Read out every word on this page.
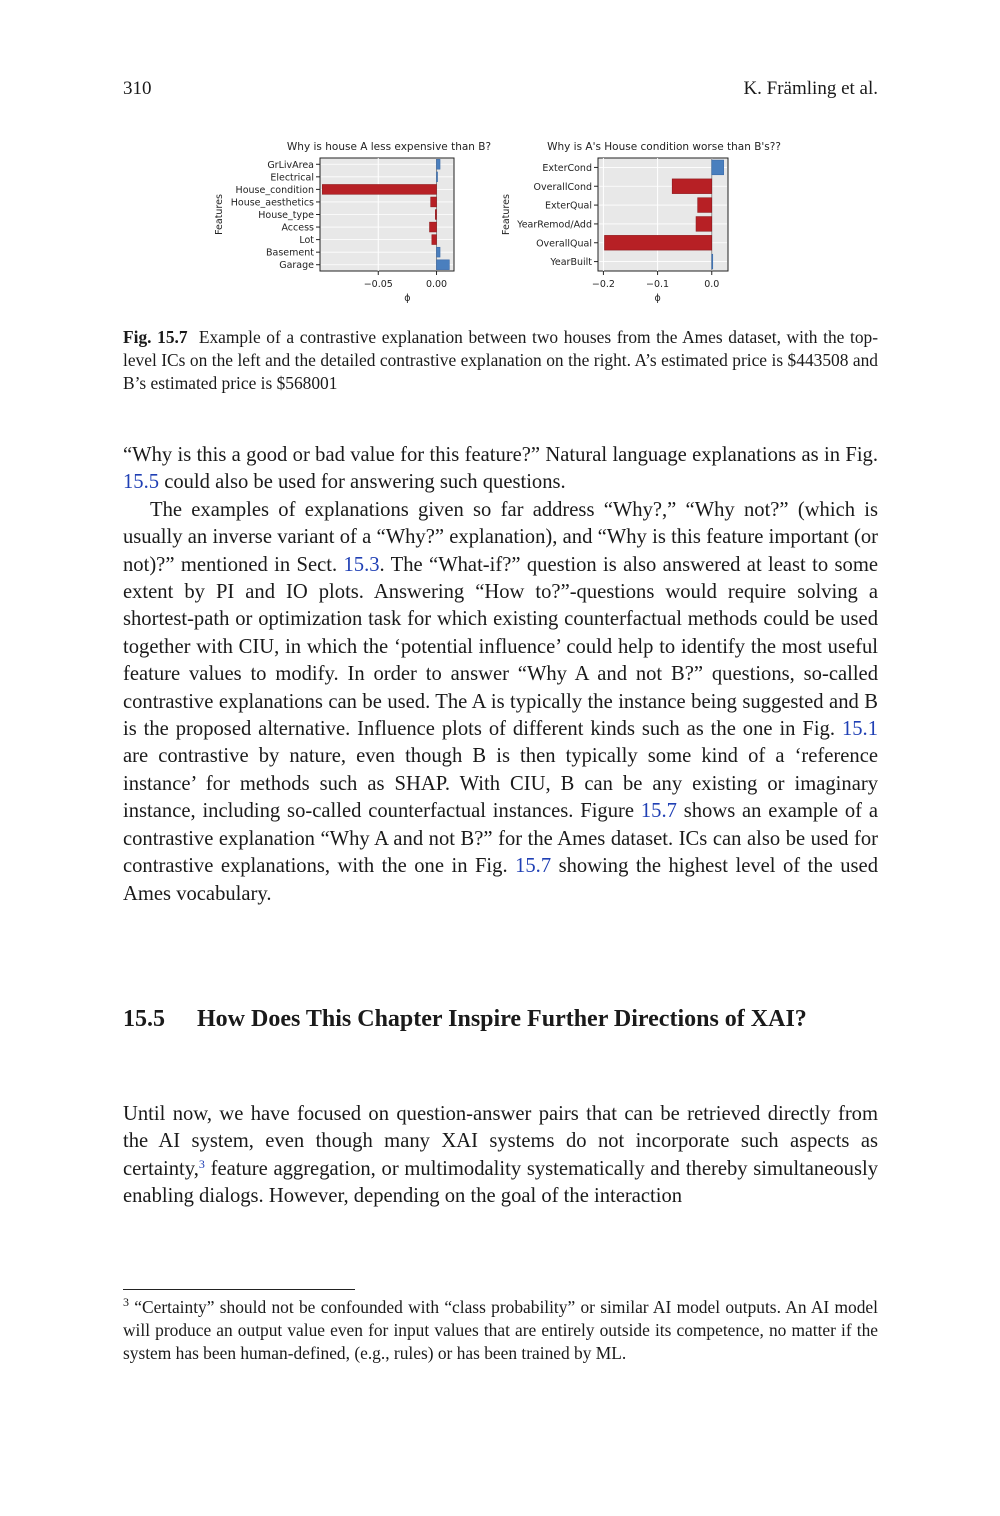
310	K. Främling et al.
GrLivArea
Electrical
House_condition
House_aesthetics
House_type
Access
Lot
Basement
Garage
−0.05	0.00
Why is house A less expensive than B?
ϕ
Features
ExterCond
OverallCond
ExterQual
YearRemod/Add
OverallQual
YearBuilt
−0.2	−0.1	0.0
Why is A's House condition worse than B's??
ϕ
Features
Fig. 15.7 Example of a contrastive explanation between two houses from the Ames dataset, with the top-level ICs on the left and the detailed contrastive explanation on the right. A’s estimated price is $443508 and B’s estimated price is $568001

“Why is this a good or bad value for this feature?” Natural language explanations as in Fig. 15.5 could also be used for answering such questions.

The examples of explanations given so far address “Why?,” “Why not?” (which is usually an inverse variant of a “Why?” explanation), and “Why is this feature important (or not)?” mentioned in Sect. 15.3. The “What-if?” question is also answered at least to some extent by PI and IO plots. Answering “How to?”-questions would require solving a shortest-path or optimization task for which existing counterfactual methods could be used together with CIU, in which the ‘potential influence’ could help to identify the most useful feature values to modify. In order to answer “Why A and not B?” questions, so-called contrastive explanations can be used. The A is typically the instance being suggested and B is the proposed alternative. Influence plots of different kinds such as the one in Fig. 15.1 are contrastive by nature, even though B is then typically some kind of a ‘reference instance’ for methods such as SHAP. With CIU, B can be any existing or imaginary instance, including so-called counterfactual instances. Figure 15.7 shows an example of a contrastive explanation “Why A and not B?” for the Ames dataset. ICs can also be used for contrastive explanations, with the one in Fig. 15.7 showing the highest level of the used Ames vocabulary.

15.5 How Does This Chapter Inspire Further Directions of XAI?

Until now, we have focused on question-answer pairs that can be retrieved directly from the AI system, even though many XAI systems do not incorporate such aspects as certainty,$^3$ feature aggregation, or multimodality systematically and thereby simultaneously enabling dialogs. However, depending on the goal of the interaction

$^3$ “Certainty” should not be confounded with “class probability” or similar AI model outputs. An AI model will produce an output value even for input values that are entirely outside its competence, no matter if the system has been human-defined, (e.g., rules) or has been trained by ML.
